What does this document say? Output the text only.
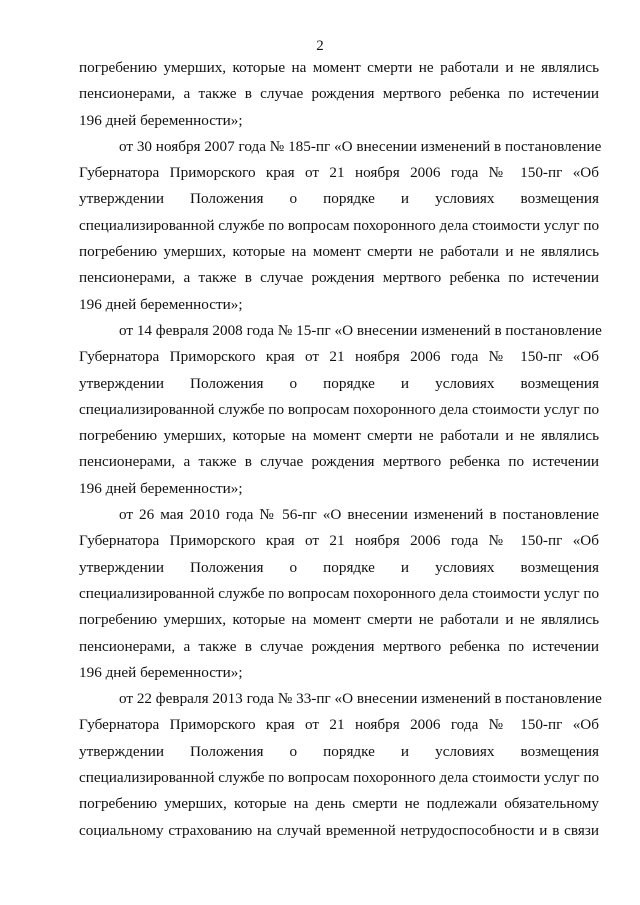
2
погребению умерших, которые на момент смерти не работали и не являлись
пенсионерами, а также в случае рождения мертвого ребенка по истечении
196 дней беременности»;
от 30 ноября 2007 года № 185-пг «О внесении изменений в постановление
Губернатора Приморского края от 21 ноября 2006 года № 150-пг «Об
утверждении Положения о порядке и условиях возмещения
специализированной службе по вопросам похоронного дела стоимости услуг по
погребению умерших, которые на момент смерти не работали и не являлись
пенсионерами, а также в случае рождения мертвого ребенка по истечении
196 дней беременности»;
от 14 февраля 2008 года № 15-пг «О внесении изменений в постановление
Губернатора Приморского края от 21 ноября 2006 года № 150-пг «Об
утверждении Положения о порядке и условиях возмещения
специализированной службе по вопросам похоронного дела стоимости услуг по
погребению умерших, которые на момент смерти не работали и не являлись
пенсионерами, а также в случае рождения мертвого ребенка по истечении
196 дней беременности»;
от 26 мая 2010 года № 56-пг «О внесении изменений в постановление
Губернатора Приморского края от 21 ноября 2006 года № 150-пг «Об
утверждении Положения о порядке и условиях возмещения
специализированной службе по вопросам похоронного дела стоимости услуг по
погребению умерших, которые на момент смерти не работали и не являлись
пенсионерами, а также в случае рождения мертвого ребенка по истечении
196 дней беременности»;
от 22 февраля 2013 года № 33-пг «О внесении изменений в постановление
Губернатора Приморского края от 21 ноября 2006 года № 150-пг «Об
утверждении Положения о порядке и условиях возмещения
специализированной службе по вопросам похоронного дела стоимости услуг по
погребению умерших, которые на день смерти не подлежали обязательному
социальному страхованию на случай временной нетрудоспособности и в связи
